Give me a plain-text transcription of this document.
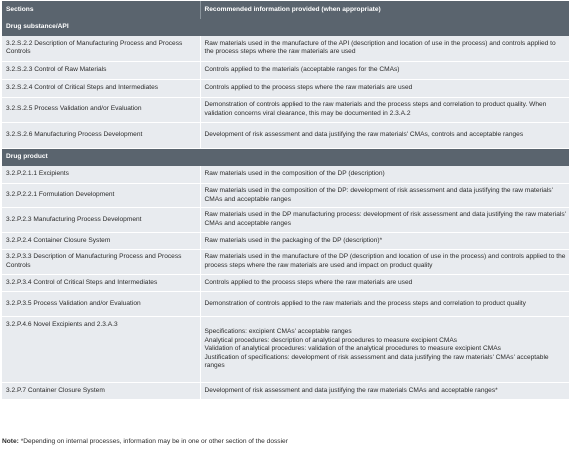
Sections	Recommended information provided (when appropriate)
Drug substance/API	
3.2.S.2.2 Description of Manufacturing Process and Process Controls	Raw materials used in the manufacture of the API (description and location of use in the process) and controls applied to the process steps where the raw materials are used
3.2.S.2.3 Control of Raw Materials	Controls applied to the materials (acceptable ranges for the CMAs)
3.2.S.2.4 Control of Critical Steps and Intermediates	Controls applied to the process steps where the raw materials are used
3.2.S.2.5 Process Validation and/or Evaluation	Demonstration of controls applied to the raw materials and the process steps and correlation to product quality. When validation concerns viral clearance, this may be documented in 2.3.A.2
3.2.S.2.6 Manufacturing Process Development	Development of risk assessment and data justifying the raw materials' CMAs, controls and acceptable ranges
Drug product	
3.2.P.2.1.1 Excipients	Raw materials used in the composition of the DP (description)
3.2.P.2.2.1 Formulation Development	Raw materials used in the composition of the DP: development of risk assessment and data justifying the raw materials' CMAs and acceptable ranges
3.2.P.2.3 Manufacturing Process Development	Raw materials used in the DP manufacturing process: development of risk assessment and data justifying the raw materials' CMAs and acceptable ranges
3.2.P.2.4 Container Closure System	Raw materials used in the packaging of the DP (description)*
3.2.P.3.3 Description of Manufacturing Process and Process Controls	Raw materials used in the manufacture of the DP (description and location of use in the process) and controls applied to the process steps where the raw materials are used and impact on product quality
3.2.P.3.4 Control of Critical Steps and Intermediates	Controls applied to the process steps where the raw materials are used
3.2.P.3.5 Process Validation and/or Evaluation	Demonstration of controls applied to the raw materials and the process steps and correlation to product quality
3.2.P.4.6 Novel Excipients and 2.3.A.3	Specifications: excipient CMAs' acceptable ranges
Analytical procedures: description of analytical procedures to measure excipient CMAs
Validation of analytical procedures: validation of the analytical procedures to measure excipient CMAs
Justification of specifications: development of risk assessment and data justifying the raw materials' CMAs' acceptable ranges

3.2.P.7 Container Closure System	Development of risk assessment and data justifying the raw materials CMAs and acceptable ranges*
Note: *Depending on internal processes, information may be in one or other section of the dossier
